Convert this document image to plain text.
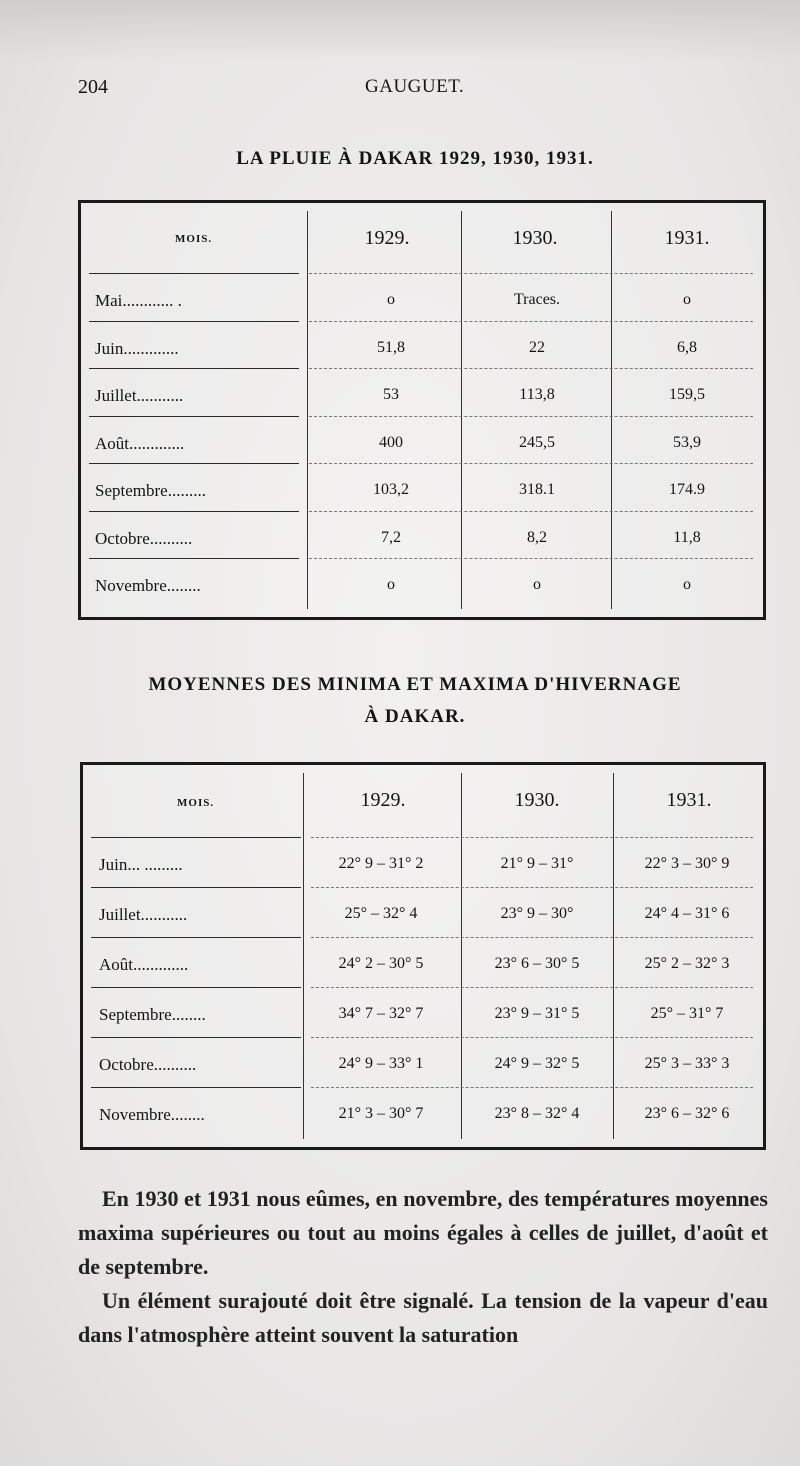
204	GAUGUET.
LA PLUIE À DAKAR 1929, 1930, 1931.
MOIS.	1929.	1930.	1931.
Mai............ .	o	Traces.	o
Juin.............	51,8	22	6,8
Juillet...........	53	113,8	159,5
Août.............	400	245,5	53,9
Septembre.........	103,2	318.1	174.9
Octobre..........	7,2	8,2	11,8
Novembre........	o	o	o
MOYENNES DES MINIMA ET MAXIMA D'HIVERNAGE
À DAKAR.
MOIS.	1929.	1930.	1931.
Juin... .........	22° 9 – 31° 2	21° 9 – 31°	22° 3 – 30° 9
Juillet...........	25° – 32° 4	23° 9 – 30°	24° 4 – 31° 6
Août.............	24° 2 – 30° 5	23° 6 – 30° 5	25° 2 – 32° 3
Septembre........	34° 7 – 32° 7	23° 9 – 31° 5	25° – 31° 7
Octobre..........	24° 9 – 33° 1	24° 9 – 32° 5	25° 3 – 33° 3
Novembre........	21° 3 – 30° 7	23° 8 – 32° 4	23° 6 – 32° 6

En 1930 et 1931 nous eûmes, en novembre, des températures moyennes maxima supérieures ou tout au moins égales à celles de juillet, d'août et de septembre.

Un élément surajouté doit être signalé. La tension de la vapeur d'eau dans l'atmosphère atteint souvent la saturation
